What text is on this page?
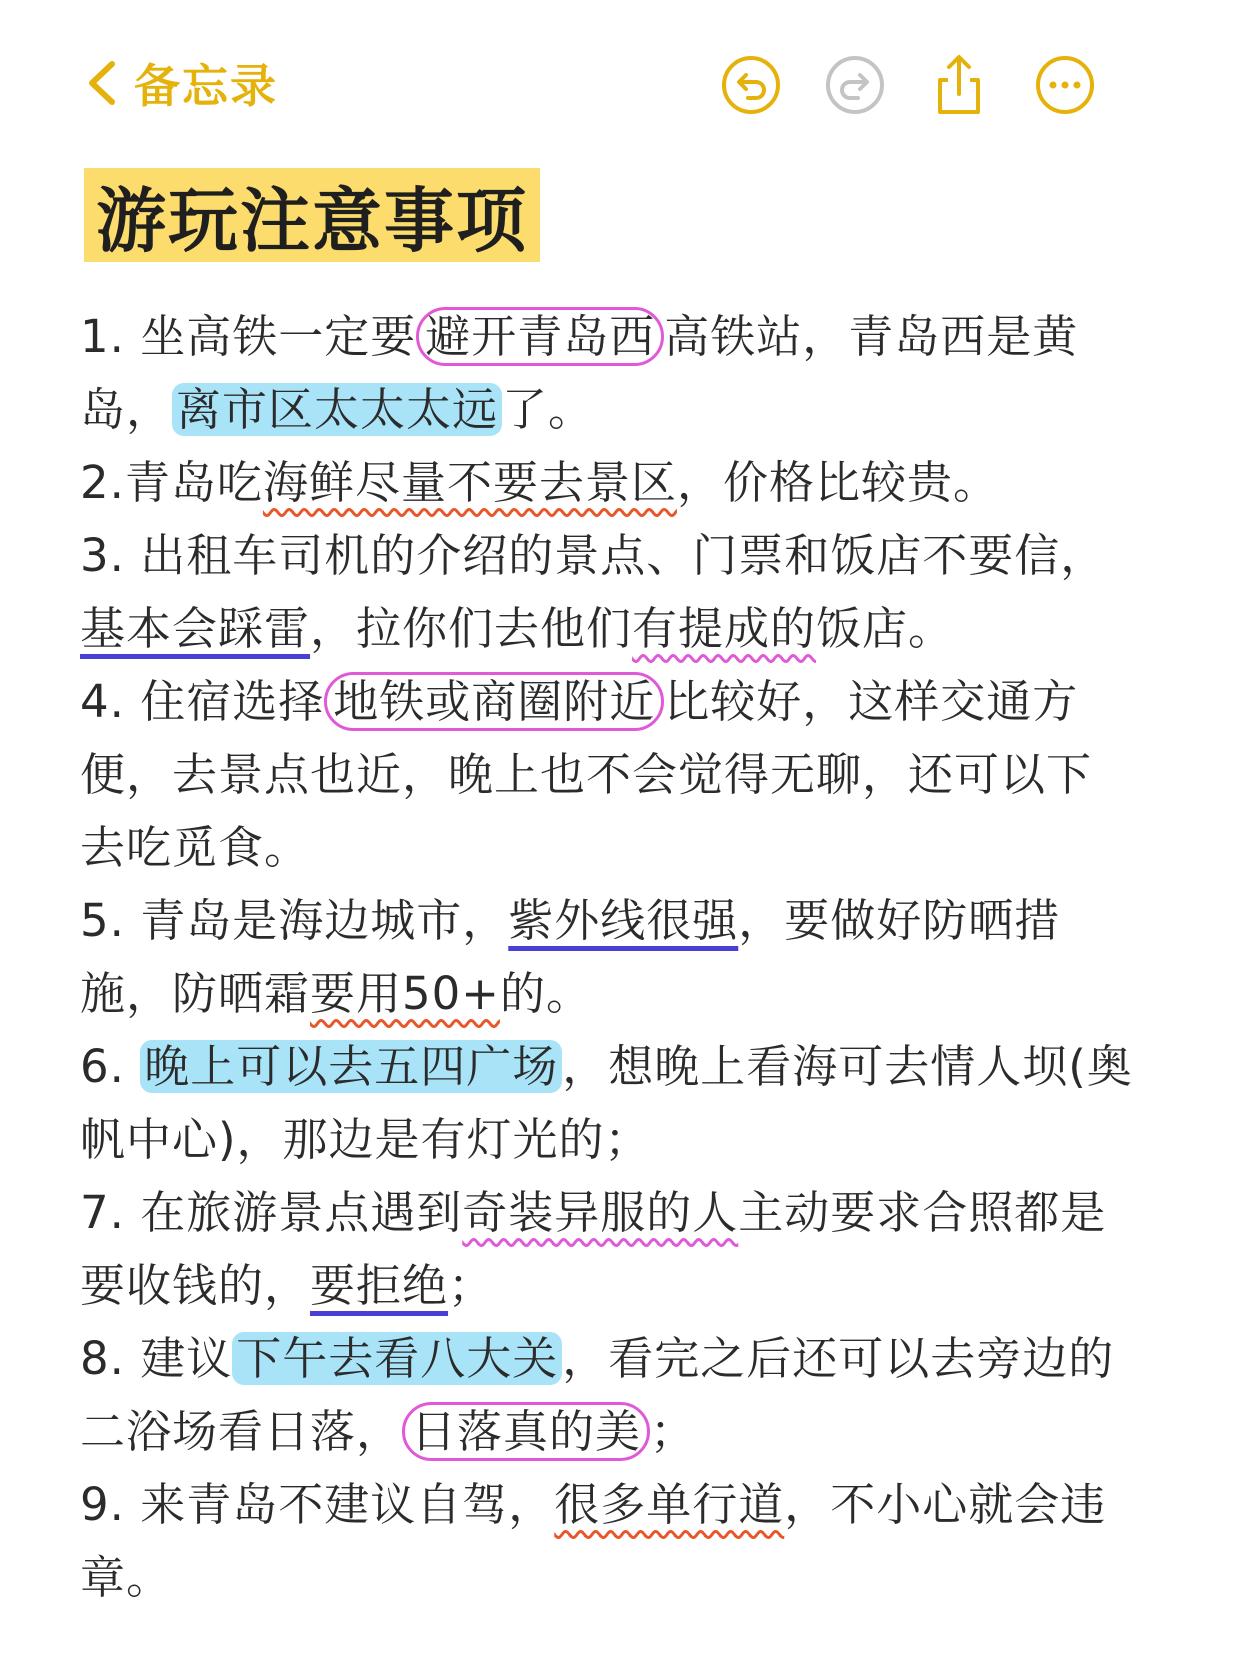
备忘录
游玩注意事项
1. 坐高铁一定要 避开青岛西 高铁站，青岛西是黄
岛，离市区太太太远了。
2.青岛吃海鲜尽量不要去景区，价格比较贵。
3. 出租车司机的介绍的景点、门票和饭店不要信，
基本会踩雷，拉你们去他们有提成的饭店。
4. 住宿选择 地铁或商圈附近 比较好，这样交通方
便，去景点也近，晚上也不会觉得无聊，还可以下
去吃觅食。
5. 青岛是海边城市，紫外线很强，要做好防晒措
施，防晒霜要用50+的。
6. 晚上可以去五四广场，想晚上看海可去情人坝(奥
帆中心)，那边是有灯光的；
7. 在旅游景点遇到奇装异服的人主动要求合照都是
要收钱的，要拒绝；
8. 建议下午去看八大关，看完之后还可以去旁边的
二浴场看日落， 日落真的美 ；
9. 来青岛不建议自驾，很多单行道，不小心就会违
章。
